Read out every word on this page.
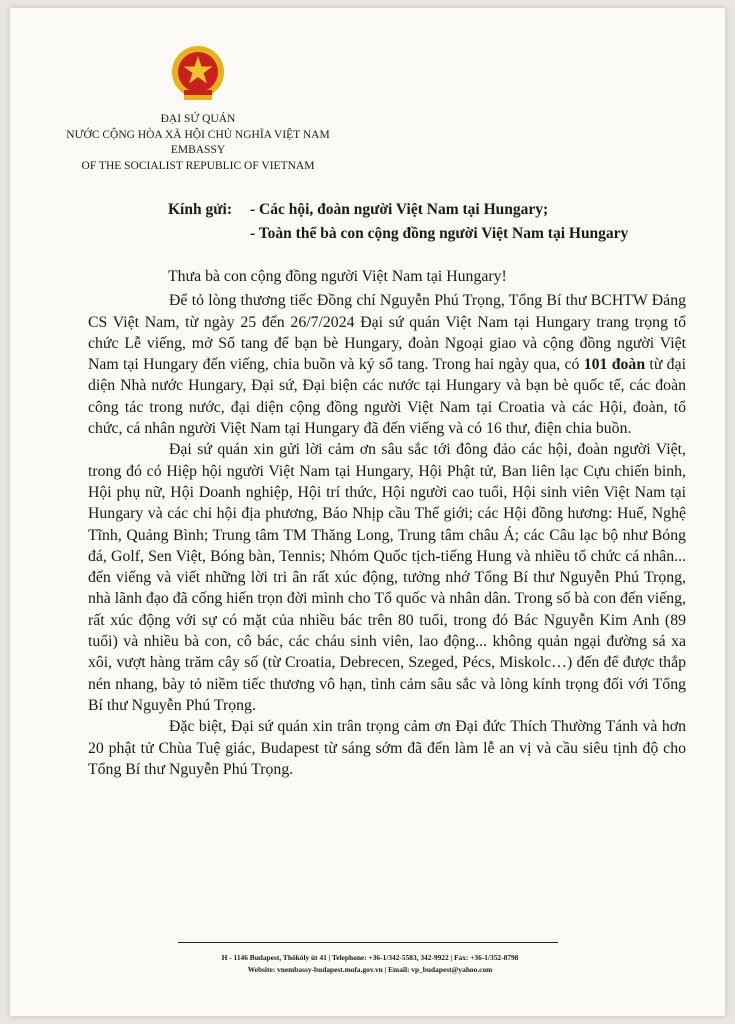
ĐẠI SỨ QUÁN
NƯỚC CỘNG HÒA XÃ HỘI CHỦ NGHĨA VIỆT NAM
EMBASSY
OF THE SOCIALIST REPUBLIC OF VIETNAM
Kính gửi: - Các hội, đoàn người Việt Nam tại Hungary;
- Toàn thể bà con cộng đồng người Việt Nam tại Hungary

Thưa bà con cộng đồng người Việt Nam tại Hungary!

Để tỏ lòng thương tiếc Đồng chí Nguyễn Phú Trọng, Tổng Bí thư BCHTW Đảng CS Việt Nam, từ ngày 25 đến 26/7/2024 Đại sứ quán Việt Nam tại Hungary trang trọng tổ chức Lễ viếng, mở Sổ tang để bạn bè Hungary, đoàn Ngoại giao và cộng đồng người Việt Nam tại Hungary đến viếng, chia buồn và ký sổ tang. Trong hai ngày qua, có 101 đoàn từ đại diện Nhà nước Hungary, Đại sứ, Đại biện các nước tại Hungary và bạn bè quốc tế, các đoàn công tác trong nước, đại diện cộng đồng người Việt Nam tại Croatia và các Hội, đoàn, tổ chức, cá nhân người Việt Nam tại Hungary đã đến viếng và có 16 thư, điện chia buồn.

Đại sứ quán xin gửi lời cảm ơn sâu sắc tới đông đảo các hội, đoàn người Việt, trong đó có Hiệp hội người Việt Nam tại Hungary, Hội Phật tử, Ban liên lạc Cựu chiến binh, Hội phụ nữ, Hội Doanh nghiệp, Hội trí thức, Hội người cao tuổi, Hội sinh viên Việt Nam tại Hungary và các chi hội địa phương, Báo Nhịp cầu Thế giới; các Hội đồng hương: Huế, Nghệ Tĩnh, Quảng Bình; Trung tâm TM Thăng Long, Trung tâm châu Á; các Câu lạc bộ như Bóng đá, Golf, Sen Việt, Bóng bàn, Tennis; Nhóm Quốc tịch-tiếng Hung và nhiều tổ chức cá nhân... đến viếng và viết những lời tri ân rất xúc động, tưởng nhớ Tổng Bí thư Nguyễn Phú Trọng, nhà lãnh đạo đã cống hiến trọn đời mình cho Tổ quốc và nhân dân. Trong số bà con đến viếng, rất xúc động với sự có mặt của nhiều bác trên 80 tuổi, trong đó Bác Nguyễn Kim Anh (89 tuổi) và nhiều bà con, cô bác, các cháu sinh viên, lao động... không quản ngại đường sá xa xôi, vượt hàng trăm cây số (từ Croatia, Debrecen, Szeged, Pécs, Miskolc…) đến để được thắp nén nhang, bày tỏ niềm tiếc thương vô hạn, tình cảm sâu sắc và lòng kính trọng đối với Tổng Bí thư Nguyễn Phú Trọng.

Đặc biệt, Đại sứ quán xin trân trọng cảm ơn Đại đức Thích Thường Tánh và hơn 20 phật tử Chùa Tuệ giác, Budapest từ sáng sớm đã đến làm lễ an vị và cầu siêu tịnh độ cho Tổng Bí thư Nguyễn Phú Trọng.

H - 1146 Budapest, Thököly út 41 | Telephone: +36-1/342-5583, 342-9922 | Fax: +36-1/352-8798
Website: vnembassy-budapest.mofa.gov.vn | Email: vp_budapest@yahoo.com
